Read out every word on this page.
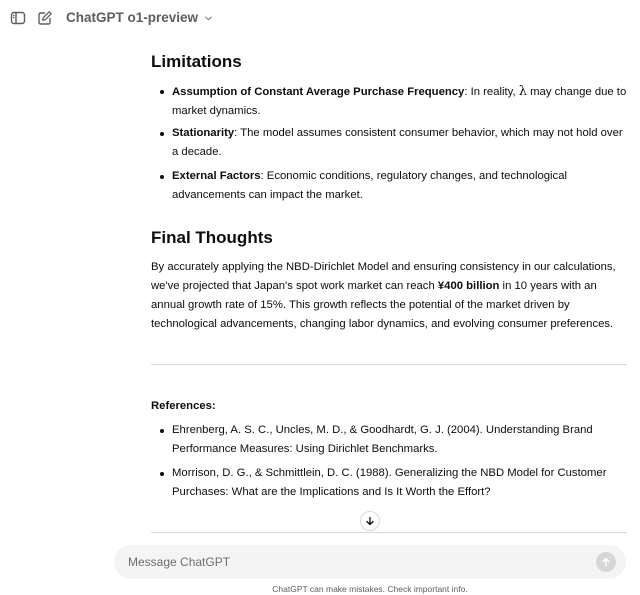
ChatGPT o1-preview
Limitations
Assumption of Constant Average Purchase Frequency: In reality, λ may change due to market dynamics.
Stationarity: The model assumes consistent consumer behavior, which may not hold over a decade.
External Factors: Economic conditions, regulatory changes, and technological advancements can impact the market.
Final Thoughts
By accurately applying the NBD-Dirichlet Model and ensuring consistency in our calculations, we've projected that Japan's spot work market can reach ¥400 billion in 10 years with an annual growth rate of 15%. This growth reflects the potential of the market driven by technological advancements, changing labor dynamics, and evolving consumer preferences.
References:
Ehrenberg, A. S. C., Uncles, M. D., & Goodhardt, G. J. (2004). Understanding Brand Performance Measures: Using Dirichlet Benchmarks.
Morrison, D. G., & Schmittlein, D. C. (1988). Generalizing the NBD Model for Customer Purchases: What are the Implications and Is It Worth the Effort?
Message ChatGPT
ChatGPT can make mistakes. Check important info.
